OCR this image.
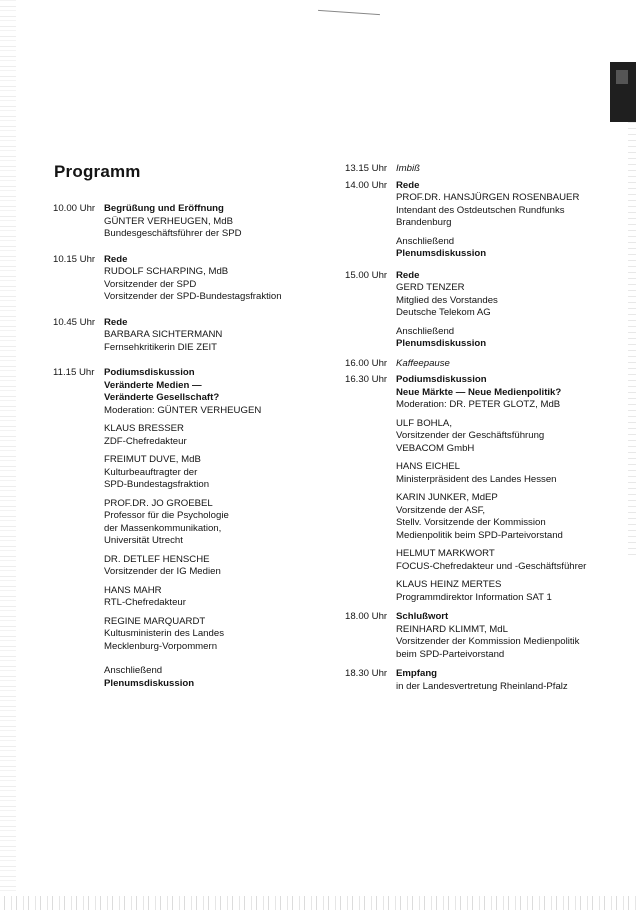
Programm
10.00 Uhr Begrüßung und Eröffnung
GÜNTER VERHEUGEN, MdB
Bundesgeschäftsführer der SPD
10.15 Uhr Rede
RUDOLF SCHARPING, MdB
Vorsitzender der SPD
Vorsitzender der SPD-Bundestagsfraktion
10.45 Uhr Rede
BARBARA SICHTERMANN
Fernsehkritikerin DIE ZEIT
11.15 Uhr Podiumsdiskussion
Veränderte Medien —
Veränderte Gesellschaft?
Moderation: GÜNTER VERHEUGEN
KLAUS BRESSER
ZDF-Chefredakteur
FREIMUT DUVE, MdB
Kulturbeauftragter der
SPD-Bundestagsfraktion
PROF.DR. JO GROEBEL
Professor für die Psychologie
der Massenkommunikation,
Universität Utrecht
DR. DETLEF HENSCHE
Vorsitzender der IG Medien
HANS MAHR
RTL-Chefredakteur
REGINE MARQUARDT
Kultusministerin des Landes
Mecklenburg-Vorpommern
Anschließend
Plenumsdiskussion
13.15 Uhr Imbiß
14.00 Uhr Rede
PROF.DR. HANSJÜRGEN ROSENBAUER
Intendant des Ostdeutschen Rundfunks
Brandenburg
Anschließend
Plenumsdiskussion
15.00 Uhr Rede
GERD TENZER
Mitglied des Vorstandes
Deutsche Telekom AG
Anschließend
Plenumsdiskussion
16.00 Uhr Kaffeepause
16.30 Uhr Podiumsdiskussion
Neue Märkte — Neue Medienpolitik?
Moderation: DR. PETER GLOTZ, MdB
ULF BOHLA,
Vorsitzender der Geschäftsführung
VEBACOM GmbH
HANS EICHEL
Ministerpräsident des Landes Hessen
KARIN JUNKER, MdEP
Vorsitzende der ASF,
Stellv. Vorsitzende der Kommission
Medienpolitik beim SPD-Parteivorstand
HELMUT MARKWORT
FOCUS-Chefredakteur und -Geschäftsführer
KLAUS HEINZ MERTES
Programmdirektor Information SAT 1
18.00 Uhr Schlußwort
REINHARD KLIMMT, MdL
Vorsitzender der Kommission Medienpolitik
beim SPD-Parteivorstand
18.30 Uhr Empfang
in der Landesvertretung Rheinland-Pfalz
